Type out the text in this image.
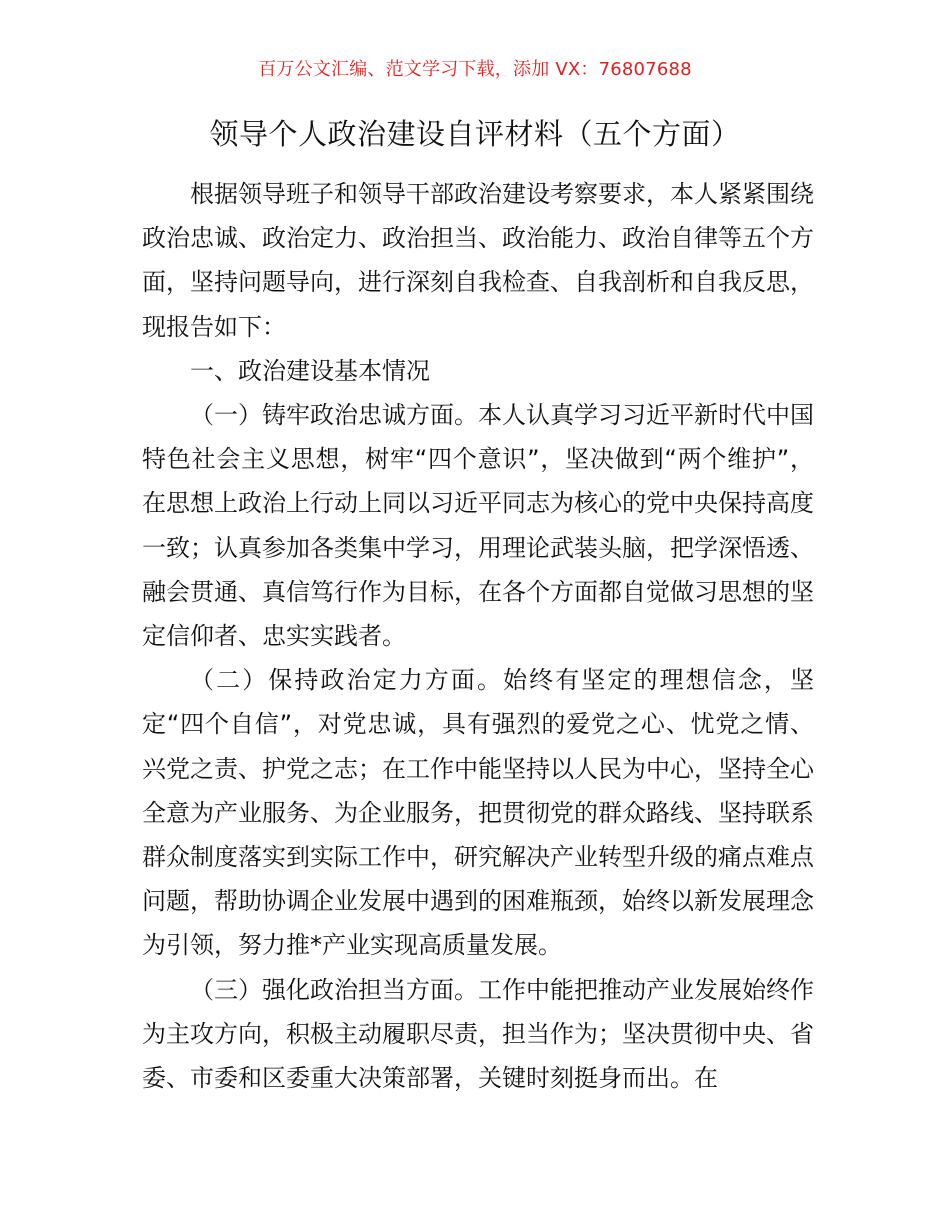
百万公文汇编、范文学习下载，添加 VX：76807688
领导个人政治建设自评材料（五个方面）

根据领导班子和领导干部政治建设考察要求，本人紧紧围绕政治忠诚、政治定力、政治担当、政治能力、政治自律等五个方面，坚持问题导向，进行深刻自我检查、自我剖析和自我反思，现报告如下：

一、政治建设基本情况

（一）铸牢政治忠诚方面。本人认真学习习近平新时代中国特色社会主义思想，树牢“四个意识”，坚决做到“两个维护”，在思想上政治上行动上同以习近平同志为核心的党中央保持高度一致；认真参加各类集中学习，用理论武装头脑，把学深悟透、融会贯通、真信笃行作为目标，在各个方面都自觉做习思想的坚定信仰者、忠实实践者。

（二）保持政治定力方面。始终有坚定的理想信念，坚定“四个自信”，对党忠诚，具有强烈的爱党之心、忧党之情、兴党之责、护党之志；在工作中能坚持以人民为中心，坚持全心全意为产业服务、为企业服务，把贯彻党的群众路线、坚持联系群众制度落实到实际工作中，研究解决产业转型升级的痛点难点问题，帮助协调企业发展中遇到的困难瓶颈，始终以新发展理念为引领，努力推*产业实现高质量发展。

（三）强化政治担当方面。工作中能把推动产业发展始终作为主攻方向，积极主动履职尽责，担当作为；坚决贯彻中央、省委、市委和区委重大决策部署，关键时刻挺身而出。在
